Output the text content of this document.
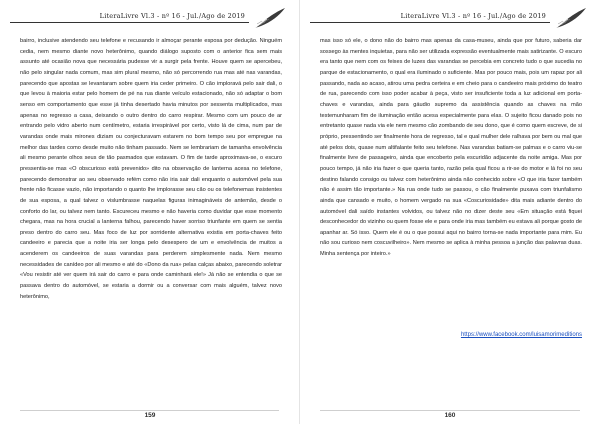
LiteraLivre Vl.3 - nº 16 - Jul./Ago de 2019

bairro, inclusive atendendo seu telefone e recusando ir almoçar perante esposa por dedução. Ninguém cedia, nem mesmo diante novo heterônimo, quando diálogo suposto com o anterior fica sem mais assunto até ocasião nova que necessária pudesse vir a surgir pela frente. Houve quem se apercebeu, não pelo singular nada comum, mas sim plural mesmo, não só percorrendo rua mas até nas varandas, parecendo que apostas se levantaram sobre quem iria ceder primeiro. O cão imploravá pelo sair dali, o que levou à maioria estar pelo homem de pé na rua diante veículo estacionado, não só adaptar o bom senso em comportamento que esse já tinha desertado havia minutos por sessenta multiplicados, mas apenas no regresso a casa, deixando o outro dentro do carro respirar. Mesmo com um pouco de ar entrando pelo vidro aberto num centímetro, estaria irrespirável por certo, visto lá de cima, num par de varandas onde mais mirones diziam ou conjecturavam estarem no bom tempo seu por empregue na melhor das tardes como desde muito não tinham passado. Nem se lembrariam de tamanha envolvência ali mesmo perante olhos seus de tão pasmados que estavam. O fim de tarde aproximava-se, o escuro pressentia-se mas «O obscurioso está prevenido» dito na observação de lanterna acesa no telefone, parecendo demonstrar ao seu observado refém como não iria sair dali enquanto o automóvel pela sua frente não ficasse vazio, não importando o quanto lhe implorasse seu cão ou os telefonemas insistentes de sua esposa, a qual talvez o vislumbrasse naquelas figuras inimagináveis de antemão, desde o conforto do lar, ou talvez nem tanto. Escureceu mesmo e não haveria como duvidar que esse momento chegara, mas na hora crucial a lanterna falhou, parecendo haver sorriso triunfante em quem se sentia preso dentro do carro seu. Mas foco de luz por sorridente alternativa existia em porta-chaves feito candeeiro e parecia que a noite iria ser longa pelo desespero de um e envolvência de muitos a acenderem os candeeiros de suas varandas para perderem simplesmente nada. Nem mesmo necessidades de canídeo por ali mesmo e até do «Dono da rua» pelas calças abaixo, parecendo soletrar «Vou resistir até ver quem irá sair do carro e para onde caminhará ele!» Já não se entendia o que se passava dentro do automóvel, se estaria a dormir ou a conversar com mais alguém, talvez novo heterônimo,

159
LiteraLivre Vl.3 - nº 16 - Jul./Ago de 2019

mas isso só ele, o dono não do bairro mas apenas da casa-museu, ainda que por futuro, saberia dar sossego às mentes inquietas, para não ser utilizada expressão eventualmente mais satirizante. O escuro era tanto que nem com os feixes de luzes das varandas se percebia em concreto tudo o que sucedia no parque de estacionamento, o qual era iluminado o suficiente. Mas por pouco mais, pois um rapaz por ali passando, nada ao acaso, atirou uma pedra certeira e em cheio para o candeeiro mais próximo do teatro de rua, parecendo com isso poder acabar à peça, visto ser insuficiente toda a luz adicional em porta-chaves e varandas, ainda para gáudio supremo da assistência quando as chaves na mão testemunharam fim de iluminação então acesa especialmente para elas. O sujeito ficou danado pois no entretanto quase nada via ele nem mesmo cão zombando de seu dono, que é como quem escreve, de si próprio, pressentindo ser finalmente hora de regresso, tal e qual mulher dele ralhava por bem ou mal que até pelos dois, quase num altifalante feito seu telefone. Nas varandas batiam-se palmas e o carro viu-se finalmente livre de passageiro, ainda que encoberto pela escuridão adjacente da noite amiga. Mas por pouco tempo, já não iria fazer o que queria tanto, razão pela qual ficou a rir-se do motor e lá foi no seu destino falando consigo ou talvez com heterônimo ainda não conhecido sobre «O que iria fazer também não é assim tão importante.» Na rua onde tudo se passou, o cão finalmente puxava com triunfalismo ainda que cansado e muito, o homem vergado na sua «Coscuriosidade» dita mais adiante dentro do automóvel dali saído instantes volvidos, ou talvez não no dizer deste seu «Em situação está fiquei desconhecedor do vizinho ou quem fosse ele e para onde iria mas também eu estava ali porque gosto de apanhar ar. Só isso. Quem ele é ou o que possui aqui no bairro torna-se nada importante para mim. Eu não sou curioso nem coscuvilheiro». Nem mesmo se aplica à minha pessoa a junção das palavras duas. Minha sentença por inteiro.»

https://www.facebook.com/luisamorimeditions
160
